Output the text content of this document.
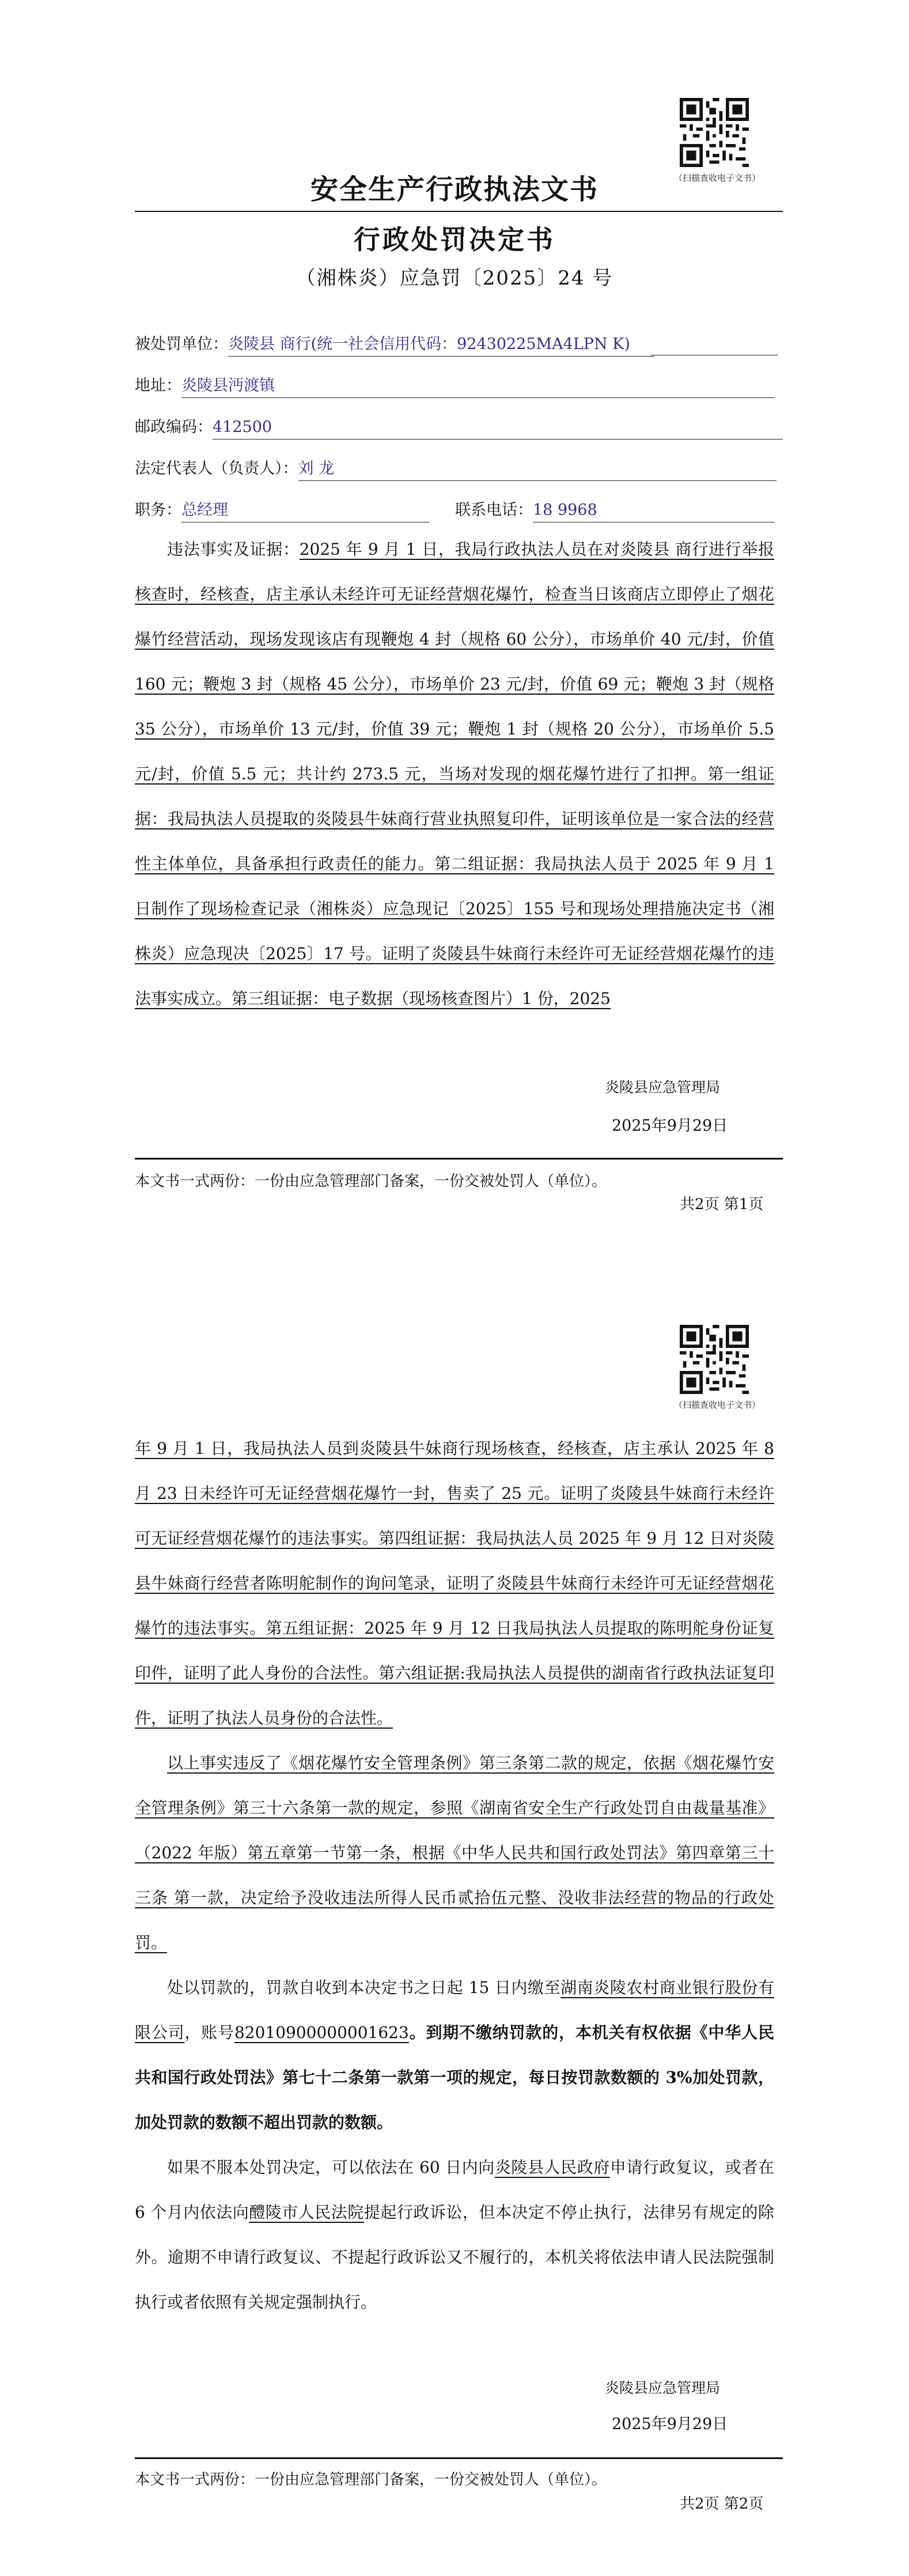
（扫描查收电子文书）
安全生产行政执法文书
行政处罚决定书
（湘株炎）应急罚〔2025〕24 号
被处罚单位：炎陵县 商行(统一社会信用代码：92430225MA4LPN K)
地址：炎陵县沔渡镇
邮政编码：412500
法定代表人（负责人）：刘 龙
职务：总经理	联系电话：18 9968

违法事实及证据：2025 年 9 月 1 日，我局行政执法人员在对炎陵县 商行进行举报核查时，经核查，店主承认未经许可无证经营烟花爆竹，检查当日该商店立即停止了烟花爆竹经营活动，现场发现该店有现鞭炮 4 封（规格 60 公分），市场单价 40 元/封，价值 160 元；鞭炮 3 封（规格 45 公分），市场单价 23 元/封，价值 69 元；鞭炮 3 封（规格 35 公分），市场单价 13 元/封，价值 39 元；鞭炮 1 封（规格 20 公分），市场单价 5.5 元/封，价值 5.5 元；共计约 273.5 元，当场对发现的烟花爆竹进行了扣押。第一组证据：我局执法人员提取的炎陵县牛妹商行营业执照复印件，证明该单位是一家合法的经营性主体单位，具备承担行政责任的能力。第二组证据：我局执法人员于 2025 年 9 月 1 日制作了现场检查记录（湘株炎）应急现记〔2025〕155 号和现场处理措施决定书（湘株炎）应急现决〔2025〕17 号。证明了炎陵县牛妹商行未经许可无证经营烟花爆竹的违法事实成立。第三组证据：电子数据（现场核查图片）1 份，2025

炎陵县应急管理局
2025年9月29日
本文书一式两份：一份由应急管理部门备案，一份交被处罚人（单位）。
共2页 第1页
（扫描查收电子文书）

年 9 月 1 日，我局执法人员到炎陵县牛妹商行现场核查，经核查，店主承认 2025 年 8 月 23 日未经许可无证经营烟花爆竹一封，售卖了 25 元。证明了炎陵县牛妹商行未经许可无证经营烟花爆竹的违法事实。第四组证据：我局执法人员 2025 年 9 月 12 日对炎陵县牛妹商行经营者陈明舵制作的询问笔录，证明了炎陵县牛妹商行未经许可无证经营烟花爆竹的违法事实。第五组证据：2025 年 9 月 12 日我局执法人员提取的陈明舵身份证复印件，证明了此人身份的合法性。第六组证据:我局执法人员提供的湖南省行政执法证复印件，证明了执法人员身份的合法性。

以上事实违反了《烟花爆竹安全管理条例》第三条第二款的规定，依据《烟花爆竹安全管理条例》第三十六条第一款的规定，参照《湖南省安全生产行政处罚自由裁量基准》（2022 年版）第五章第一节第一条，根据《中华人民共和国行政处罚法》第四章第三十三条 第一款，决定给予没收违法所得人民币贰拾伍元整、没收非法经营的物品的行政处罚。

处以罚款的，罚款自收到本决定书之日起 15 日内缴至湖南炎陵农村商业银行股份有限公司，账号82010900000001623。到期不缴纳罚款的，本机关有权依据《中华人民共和国行政处罚法》第七十二条第一款第一项的规定，每日按罚款数额的 3%加处罚款，加处罚款的数额不超出罚款的数额。

如果不服本处罚决定，可以依法在 60 日内向炎陵县人民政府申请行政复议，或者在 6 个月内依法向醴陵市人民法院提起行政诉讼，但本决定不停止执行，法律另有规定的除外。逾期不申请行政复议、不提起行政诉讼又不履行的，本机关将依法申请人民法院强制执行或者依照有关规定强制执行。

炎陵县应急管理局
2025年9月29日
本文书一式两份：一份由应急管理部门备案，一份交被处罚人（单位）。
共2页 第2页
